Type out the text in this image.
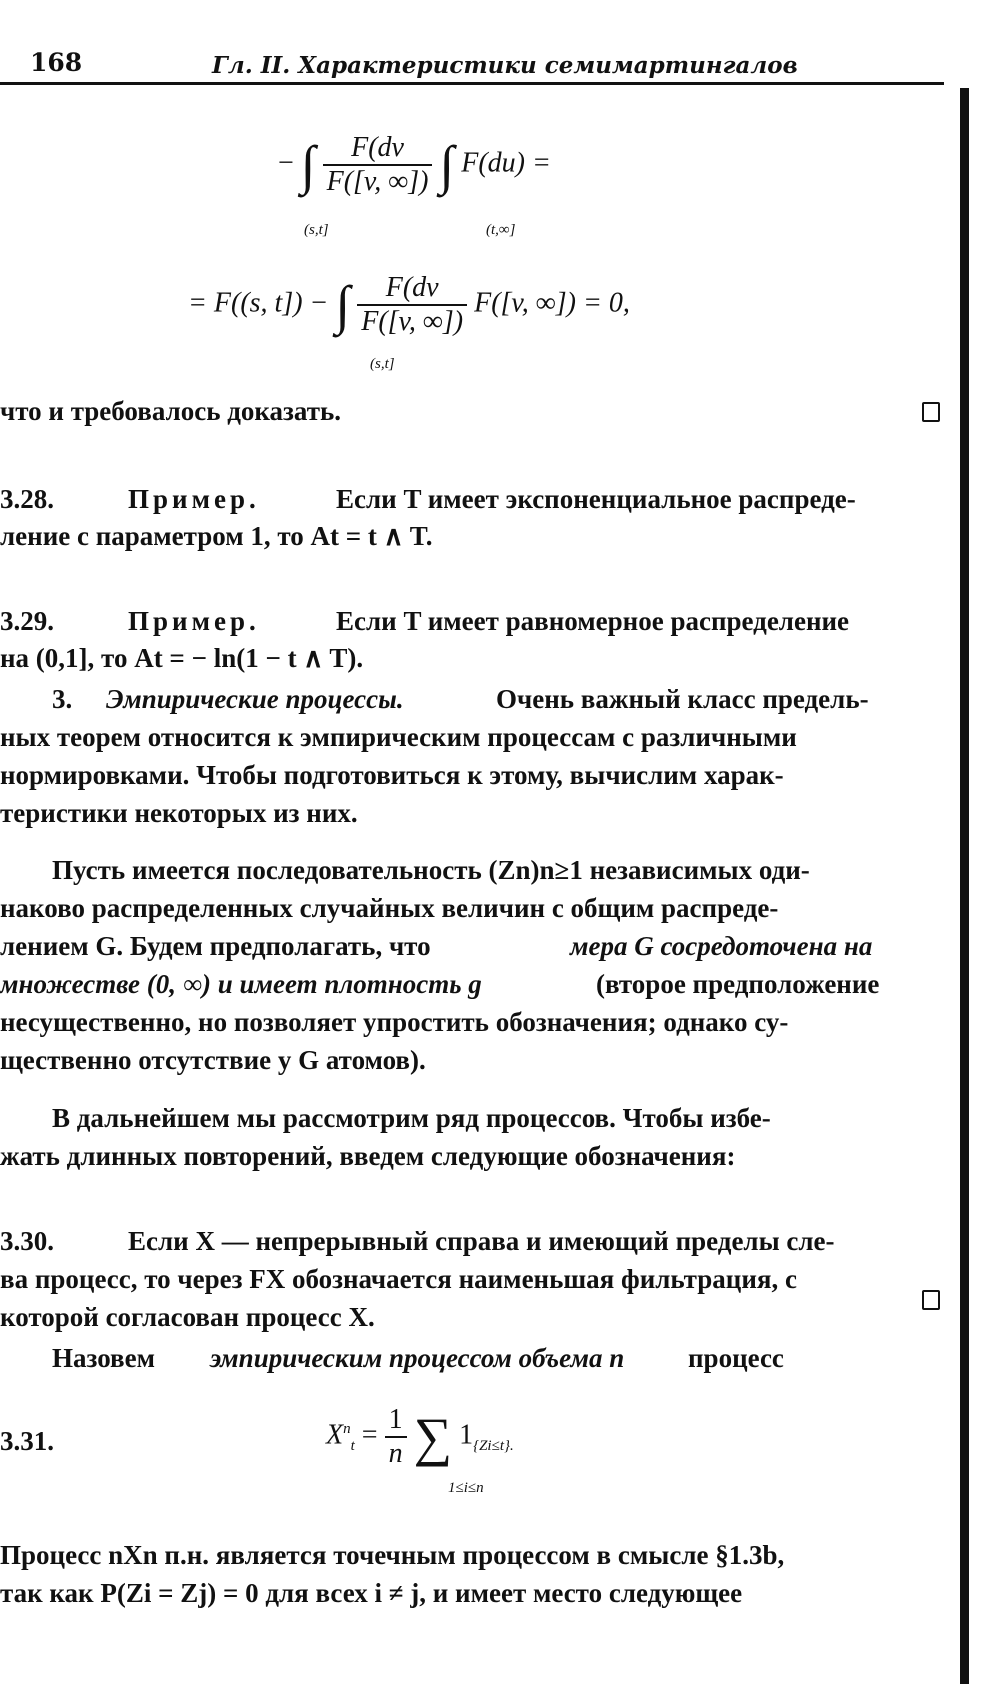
168	Гл. II. Характеристики семимартингалов
− ∫ $\frac{F(dv}{F([v, \infty])}$ ∫ F(du) =
(s,t]	(t,∞]
= F((s, t]) − ∫ $\frac{F(dv}{F([v, \infty])} F([v$, ∞]) = 0,
(s,t]
что и требовалось доказать.
3.28.	Пример.	Если T имеет экспоненциальное распреде-
ление с параметром 1, то At = t ∧ T.
3.29.	Пример.	Если T имеет равномерное распределение
на (0,1], то At = − ln(1 − t ∧ T).
3. Эмпирические процессы.	Очень важный класс предель-
ных теорем относится к эмпирическим процессам с различными
нормировками. Чтобы подготовиться к этому, вычислим харак-
теристики некоторых из них.
Пусть имеется последовательность (Zn)n≥1 независимых оди-
наково распределенных случайных величин с общим распреде-
лением G. Будем предполагать, что	мера G сосредоточена на
множестве (0, ∞) и имеет плотность g	(второе предположение
несущественно, но позволяет упростить обозначения; однако су-
щественно отсутствие у G атомов).
В дальнейшем мы рассмотрим ряд процессов. Чтобы избе-
жать длинных повторений, введем следующие обозначения:
3.30.	Если X — непрерывный справа и имеющий пределы сле-
ва процесс, то через FX обозначается наименьшая фильтрация, с
которой согласован процесс X.
Назовем эмпирическим процессом объема n процесс
3.31.	$X^n_t = \frac{1}{n}$ ∑ $1_{\{Zi\le t\}.}$
1≤i≤n
Процесс nXn п.н. является точечным процессом в смысле §1.3b,
так как P(Zi = Zj) = 0 для всех i ≠ j, и имеет место следующее
